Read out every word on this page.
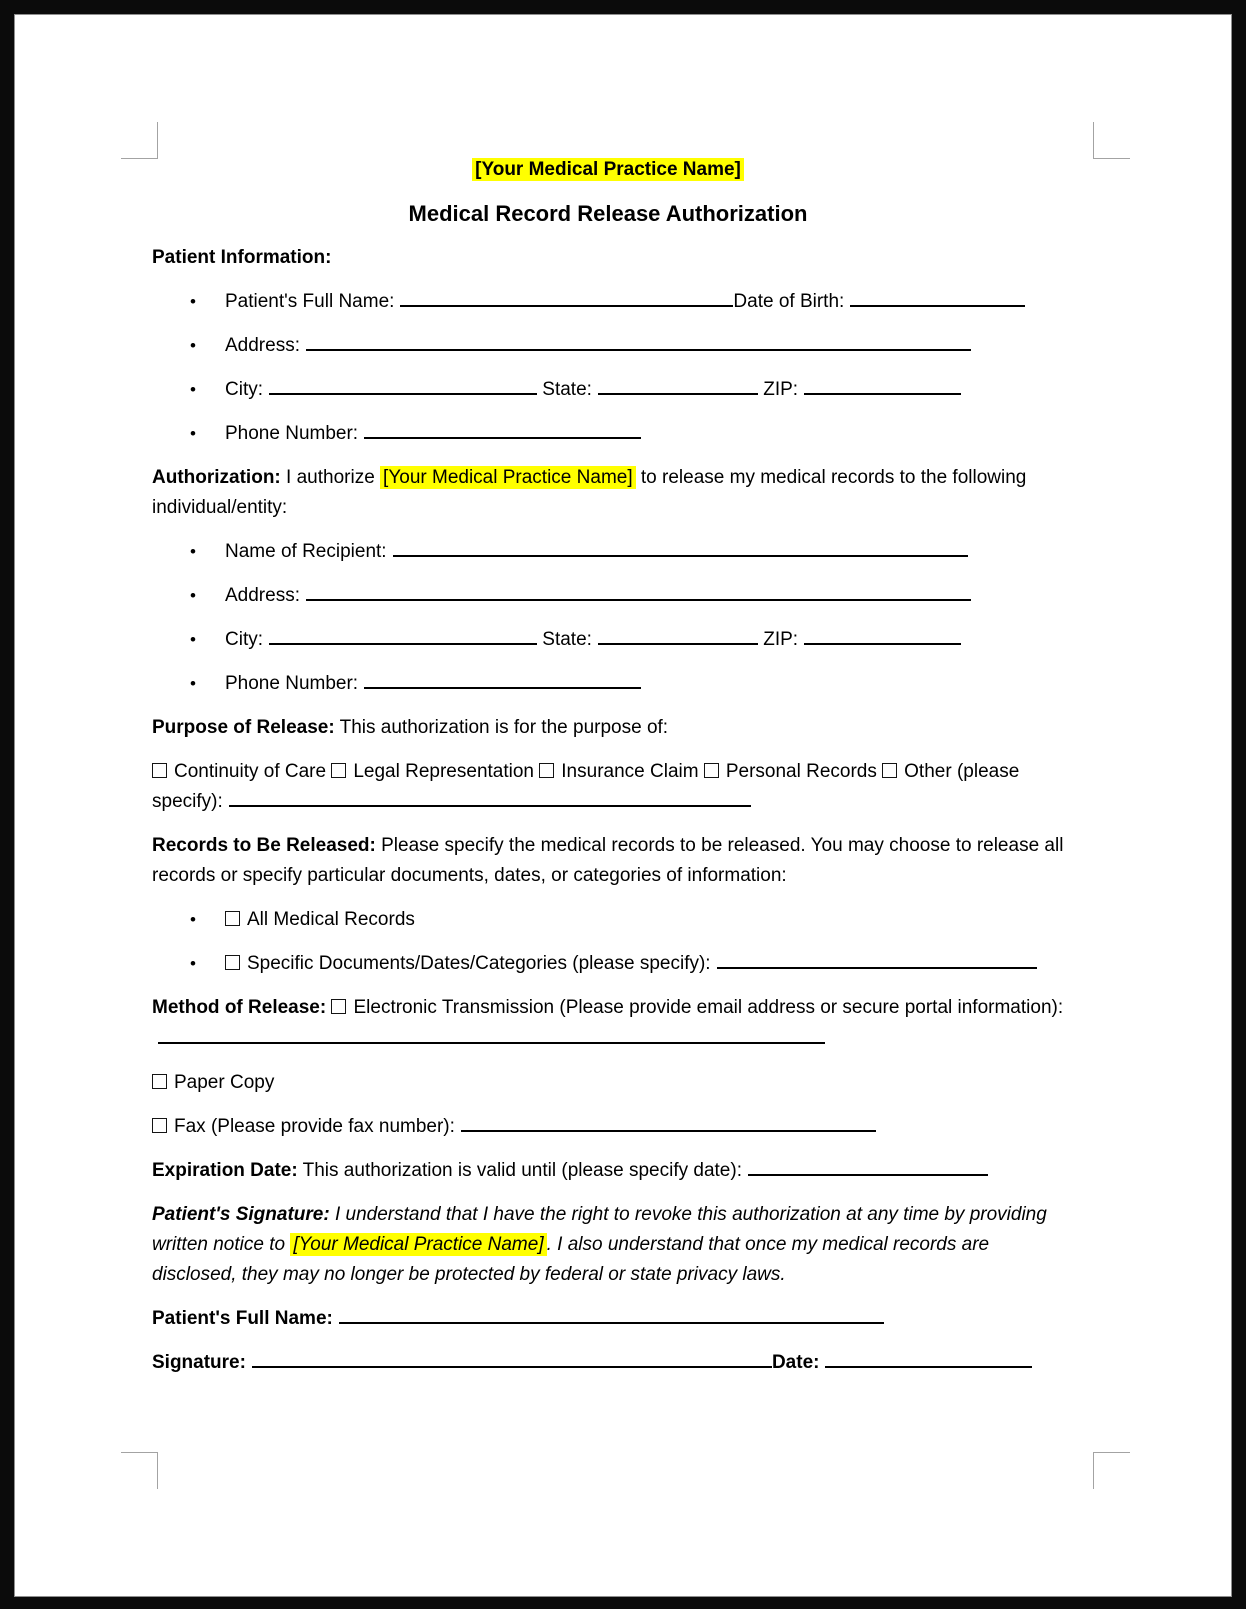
[Your Medical Practice Name]

Medical Record Release Authorization

Patient Information:

• Patient's Full Name:	Date of Birth:
• Address:
• City:	State:	ZIP:
• Phone Number:

Authorization: I authorize [Your Medical Practice Name] to release my medical records to the following individual/entity:

• Name of Recipient:
• Address:
• City:	State:	ZIP:
• Phone Number:

Purpose of Release: This authorization is for the purpose of:

Continuity of Care Legal Representation Insurance Claim Personal Records Other (please specify):

Records to Be Released: Please specify the medical records to be released. You may choose to release all records or specify particular documents, dates, or categories of information:

• All Medical Records
• Specific Documents/Dates/Categories (please specify):

Method of Release: Electronic Transmission (Please provide email address or secure portal information):

Paper Copy

Fax (Please provide fax number):

Expiration Date: This authorization is valid until (please specify date):

Patient's Signature: I understand that I have the right to revoke this authorization at any time by providing written notice to [Your Medical Practice Name] . I also understand that once my medical records are disclosed, they may no longer be protected by federal or state privacy laws.

Patient's Full Name:

Signature:	Date:
